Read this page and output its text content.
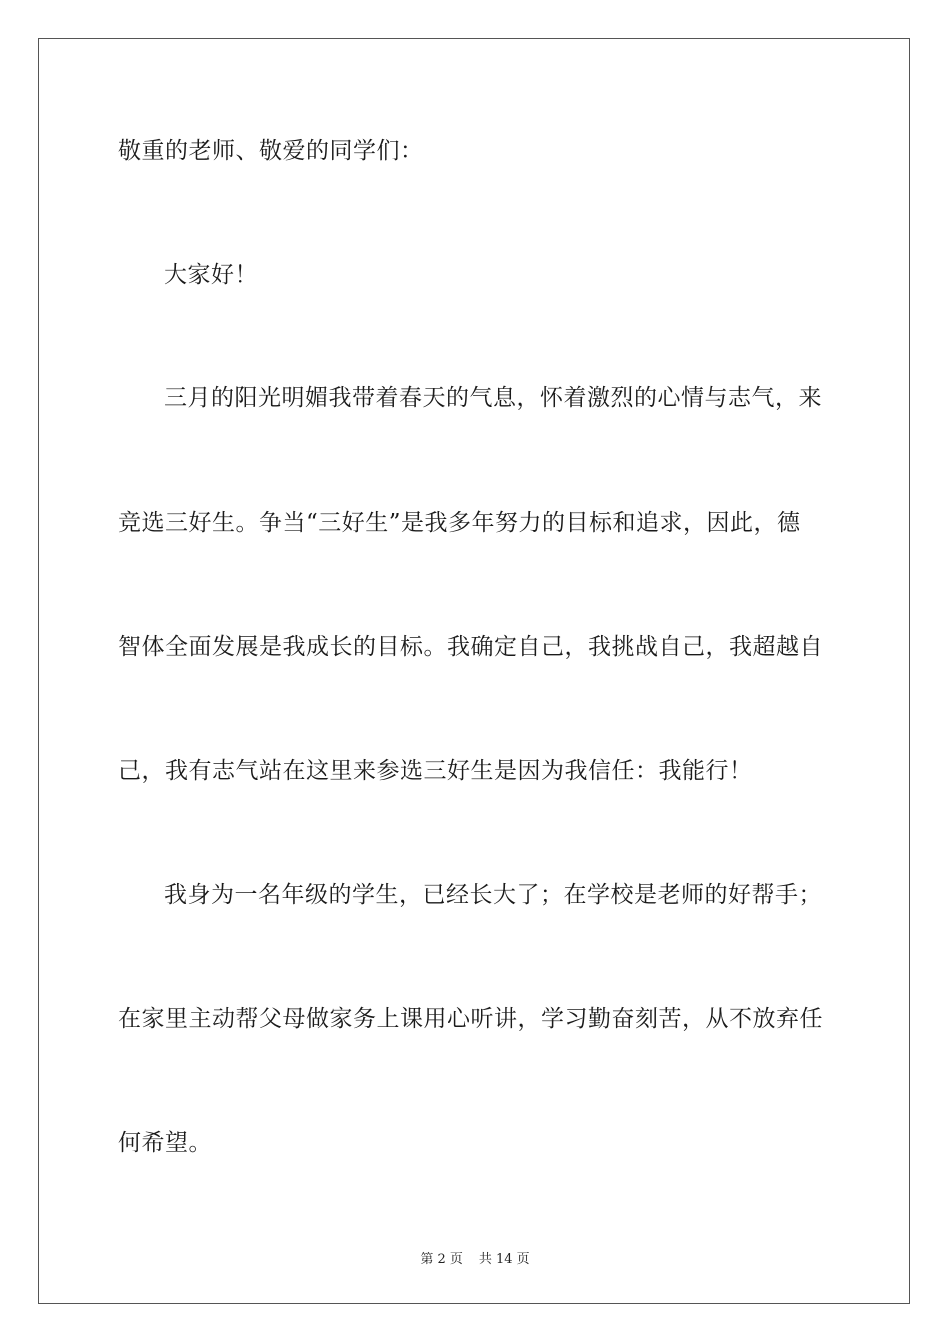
敬重的老师、敬爱的同学们：
大家好！
三月的阳光明媚我带着春天的气息，怀着激烈的心情与志气，来
竞选三好生。争当“三好生”是我多年努力的目标和追求，因此，德
智体全面发展是我成长的目标。我确定自己，我挑战自己，我超越自
己，我有志气站在这里来参选三好生是因为我信任：我能行！
我身为一名年级的学生，已经长大了；在学校是老师的好帮手；
在家里主动帮父母做家务上课用心听讲，学习勤奋刻苦，从不放弃任
何希望。
第 2 页 共 14 页
